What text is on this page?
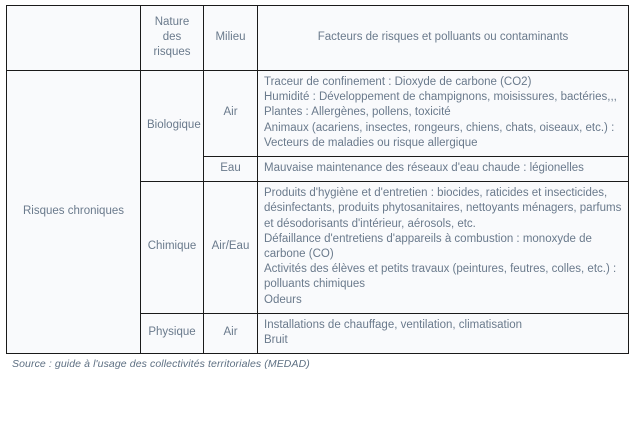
	Nature des risques	Milieu	Facteurs de risques et polluants ou contaminants
Risques chroniques	Biologique	Air	Traceur de confinement : Dioxyde de carbone (CO2)
Humidité : Développement de champignons, moisissures, bactéries,,,
Plantes : Allergènes, pollens, toxicité
Animaux (acariens, insectes, rongeurs, chiens, chats, oiseaux, etc.) : Vecteurs de maladies ou risque allergique

		Eau	Mauvaise maintenance des réseaux d'eau chaude : légionelles

	Chimique	Air/Eau	Produits d'hygiène et d'entretien : biocides, raticides et insecticides, désinfectants, produits phytosanitaires, nettoyants ménagers, parfums et désodorisants d'intérieur, aérosols, etc.
Défaillance d'entretiens d'appareils à combustion : monoxyde de carbone (CO)
Activités des élèves et petits travaux (peintures, feutres, colles, etc.) : polluants chimiques
Odeurs

	Physique	Air	Installations de chauffage, ventilation, climatisation
Bruit
Source : guide à l'usage des collectivités territoriales (MEDAD)
